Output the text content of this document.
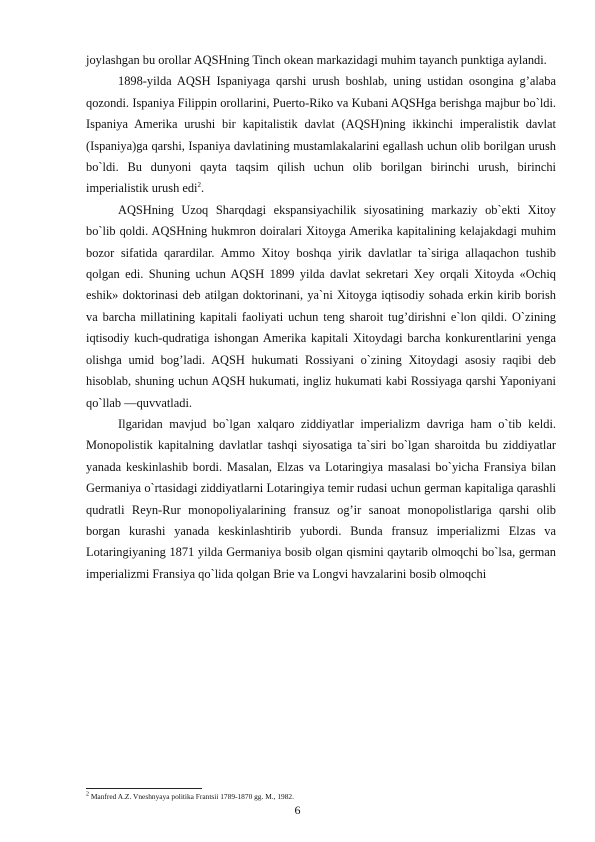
joylashgan bu orollar AQSHning Tinch okean markazidagi muhim tayanch punktiga aylandi.

1898-yilda AQSH Ispaniyaga qarshi urush boshlab, uning ustidan osongina g’alaba qozondi. Ispaniya Filippin orollarini, Puerto-Riko va Kubani AQSHga berishga majbur bo`ldi. Ispaniya Amerika urushi bir kapitalistik davlat (AQSH)ning ikkinchi imperalistik davlat (Ispaniya)ga qarshi, Ispaniya davlatining mustamlakalarini egallash uchun olib borilgan urush bo`ldi. Bu dunyoni qayta taqsim qilish uchun olib borilgan birinchi urush, birinchi imperialistik urush edi$^2$.

AQSHning Uzoq Sharqdagi ekspansiyachilik siyosatining markaziy ob`ekti Xitoy bo`lib qoldi. AQSHning hukmron doiralari Xitoyga Amerika kapitalining kelajakdagi muhim bozor sifatida qarardilar. Ammo Xitoy boshqa yirik davlatlar ta`siriga allaqachon tushib qolgan edi. Shuning uchun AQSH 1899 yilda davlat sekretari Xey orqali Xitoyda «Ochiq eshik» doktorinasi deb atilgan doktorinani, ya`ni Xitoyga iqtisodiy sohada erkin kirib borish va barcha millatining kapitali faoliyati uchun teng sharoit tug’dirishni e`lon qildi. O`zining iqtisodiy kuch-qudratiga ishongan Amerika kapitali Xitoydagi barcha konkurentlarini yenga olishga umid bog’ladi. AQSH hukumati Rossiyani o`zining Xitoydagi asosiy raqibi deb hisoblab, shuning uchun AQSH hukumati, ingliz hukumati kabi Rossiyaga qarshi Yaponiyani qo`llab —quvvatladi.

Ilgaridan mavjud bo`lgan xalqaro ziddiyatlar imperializm davriga ham o`tib keldi. Monopolistik kapitalning davlatlar tashqi siyosatiga ta`siri bo`lgan sharoitda bu ziddiyatlar yanada keskinlashib bordi. Masalan, Elzas va Lotaringiya masalasi bo`yicha Fransiya bilan Germaniya o`rtasidagi ziddiyatlarni Lotaringiya temir rudasi uchun german kapitaliga qarashli qudratli Reyn-Rur monopoliyalarining fransuz og’ir sanoat monopolistlariga qarshi olib borgan kurashi yanada keskinlashtirib yubordi. Bunda fransuz imperializmi Elzas va Lotaringiyaning 1871 yilda Germaniya bosib olgan qismini qaytarib olmoqchi bo`lsa, german imperializmi Fransiya qo`lida qolgan Brie va Longvi havzalarini bosib olmoqchi

$^2$ Manfred A.Z. Vneshnyaya politika Frantsii 1789-1870 gg. M., 1982.
6
